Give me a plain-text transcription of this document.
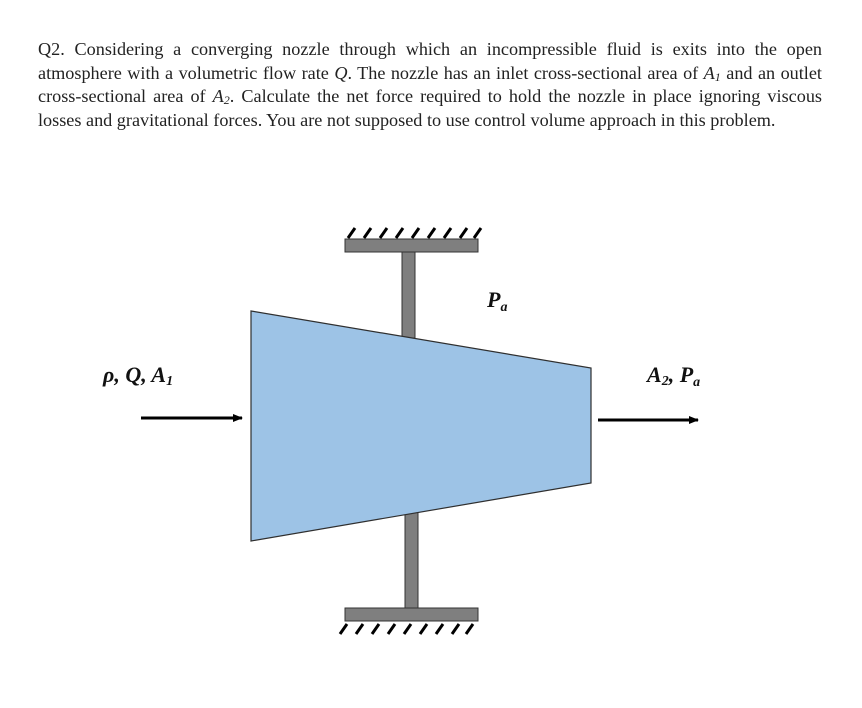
Q2. Considering a converging nozzle through which an incompressible fluid is exits into the open atmosphere with a volumetric flow rate Q. The nozzle has an inlet cross-sectional area of $A_1$ and an outlet cross-sectional area of $A_2$. Calculate the net force required to hold the nozzle in place ignoring viscous losses and gravitational forces. You are not supposed to use control volume approach in this problem.
ρ, Q, A1
Pa
A2, Pa
